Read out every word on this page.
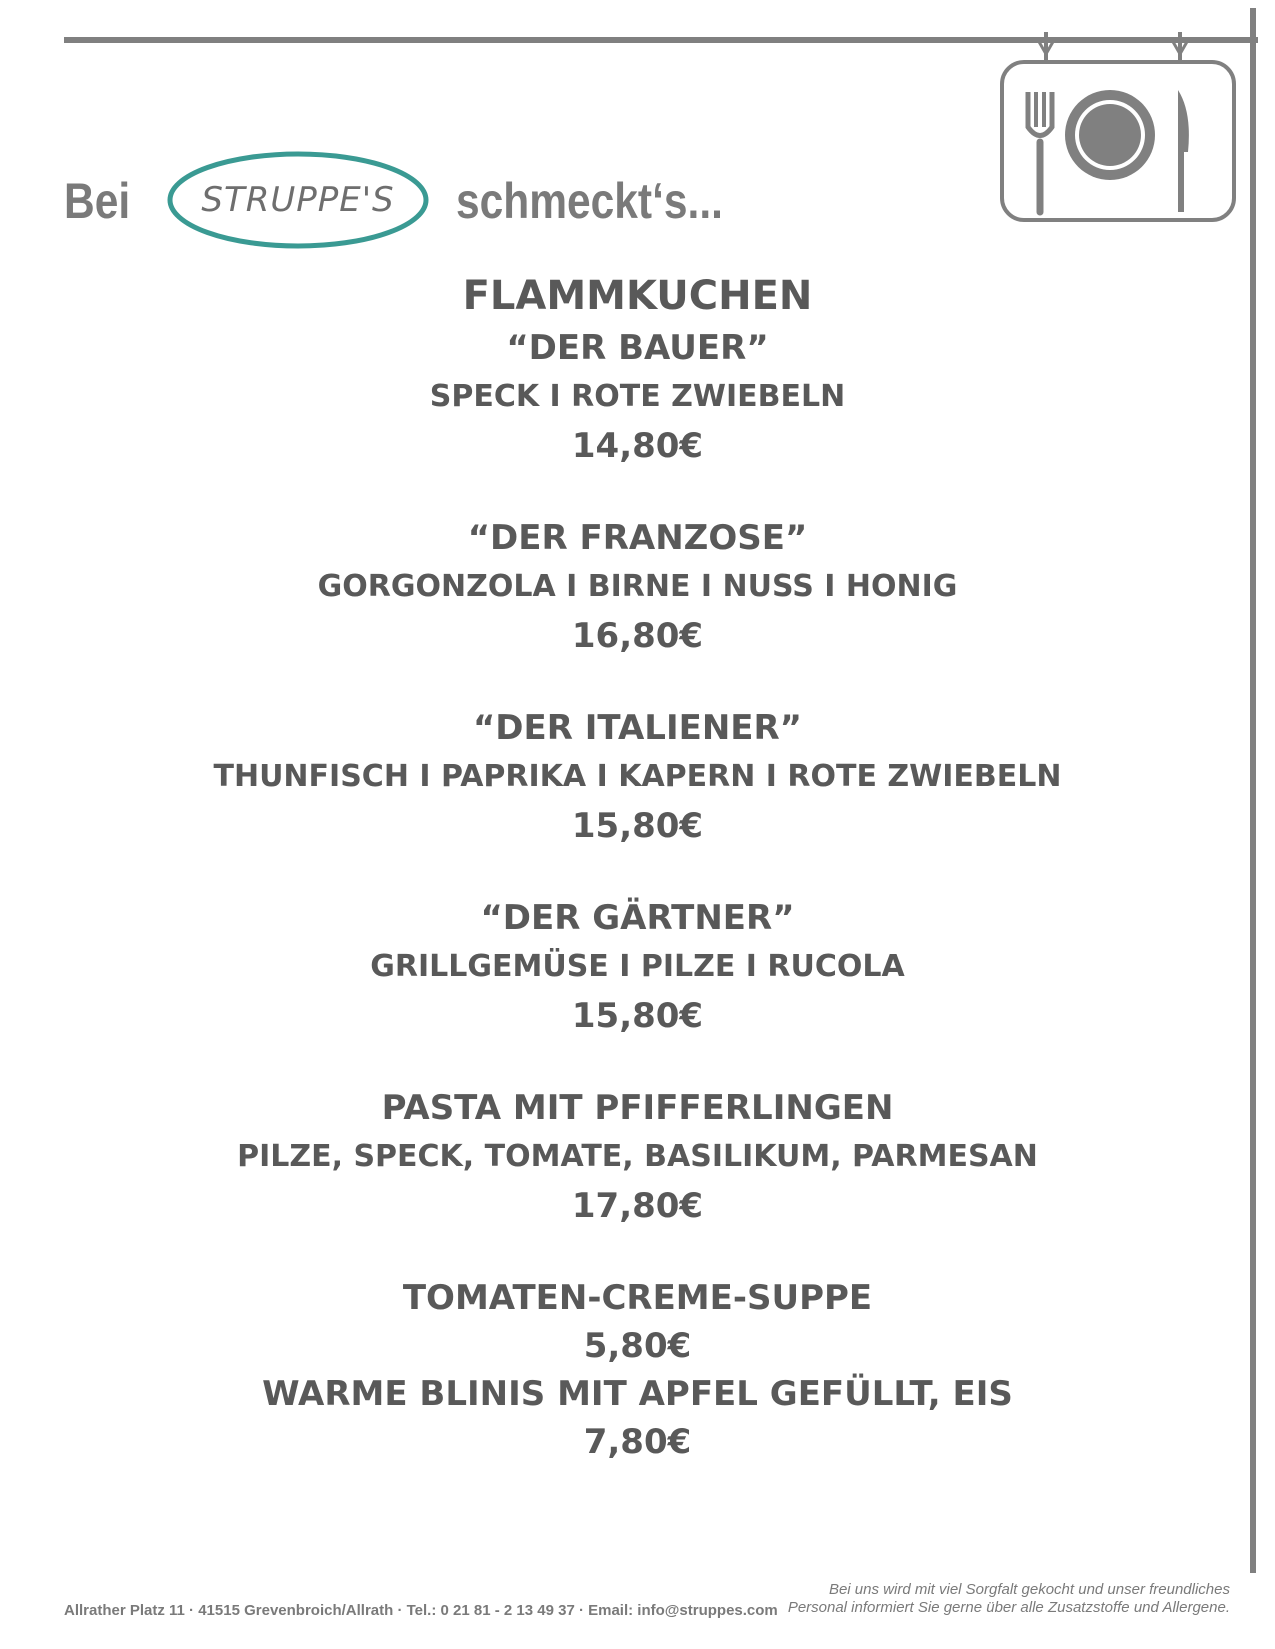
Bei STRUPPE'S schmeckt‘s...
FLAMMKUCHEN
“DER BAUER”
SPECK I ROTE ZWIEBELN
14,80€
“DER FRANZOSE”
GORGONZOLA I BIRNE I NUSS I HONIG
16,80€
“DER ITALIENER”
THUNFISCH I PAPRIKA I KAPERN I ROTE ZWIEBELN
15,80€
“DER GÄRTNER”
GRILLGEMÜSE I PILZE I RUCOLA
15,80€
PASTA MIT PFIFFERLINGEN
PILZE, SPECK, TOMATE, BASILIKUM, PARMESAN
17,80€
TOMATEN-CREME-SUPPE
5,80€
WARME BLINIS MIT APFEL GEFÜLLT, EIS
7,80€
Allrather Platz 11 · 41515 Grevenbroich/Allrath · Tel.: 0 21 81 - 2 13 49 37 · Email: info@struppes.com
Bei uns wird mit viel Sorgfalt gekocht und unser freundliches
Personal informiert Sie gerne über alle Zusatzstoffe und Allergene.
